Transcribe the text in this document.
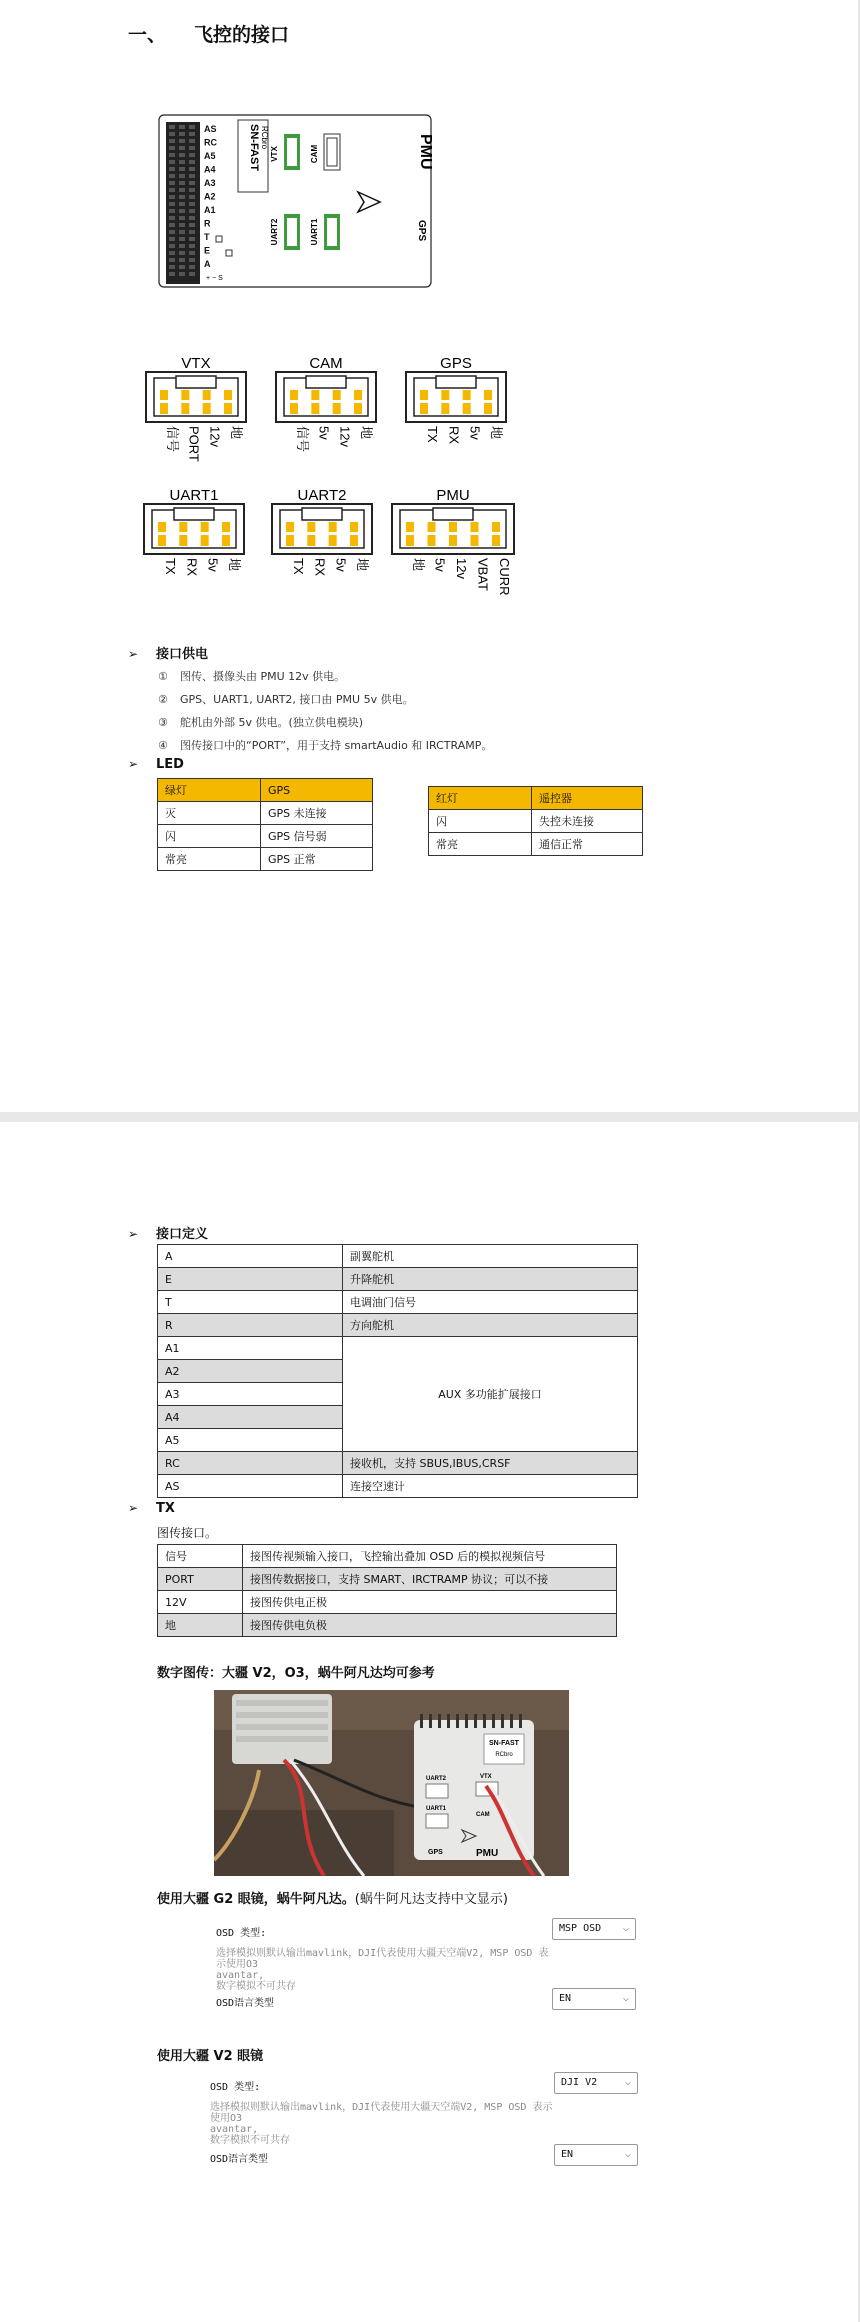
一、 飞控的接口
AS
RC
A5
A4
A3
A2
A1
R
T
E
A
SN-FAST RCbro
VTX	CAM
UART2	UART1
PMU
GPS
+ − S
VTX
地
12v
PORT
信号
CAM
地
12v
5v
信号
GPS
地
5v
RX
TX
UART1
地
5v
RX
TX
UART2
地
5v
RX
TX
PMU
CURR
VBAT
12v
5v
地
➢ 接口供电
① 图传、摄像头由 PMU 12v 供电。
② GPS、UART1, UART2, 接口由 PMU 5v 供电。
③ 舵机由外部 5v 供电。(独立供电模块)
④ 图传接口中的“PORT”，用于支持 smartAudio 和 IRCTRAMP。
➢ LED
绿灯	GPS
灭	GPS 未连接
闪	GPS 信号弱
常亮	GPS 正常
红灯	遥控器
闪	失控未连接
常亮	通信正常
➢ 接口定义
A	副翼舵机
E	升降舵机
T	电调油门信号
R	方向舵机
A1	AUX 多功能扩展接口
A2	
A3	
A4	
A5	
RC	接收机，支持 SBUS,IBUS,CRSF
AS	连接空速计
➢ TX
图传接口。
信号	接图传视频输入接口，飞控输出叠加 OSD 后的模拟视频信号
PORT	接图传数据接口，支持 SMART、IRCTRAMP 协议；可以不接
12V	接图传供电正极
地	接图传供电负极
数字图传：大疆 V2，O3，蜗牛阿凡达均可参考
SN-FAST
RCbro
UART2
UART1
VTX
CAM
GPS	PMU
使用大疆 G2 眼镜，蜗牛阿凡达。(蜗牛阿凡达支持中文显示)
OSD 类型:	MSP OSD ⌵
选择模拟则默认输出mavlink，DJI代表使用大疆天空端V2, MSP OSD 表示使用O3
avantar,
数字模拟不可共存
OSD语言类型	EN	⌵
使用大疆 V2 眼镜
OSD 类型:	DJI V2	⌵
选择模拟则默认输出mavlink，DJI代表使用大疆天空端V2, MSP OSD 表示使用O3
avantar,
数字模拟不可共存
OSD语言类型	EN	⌵
